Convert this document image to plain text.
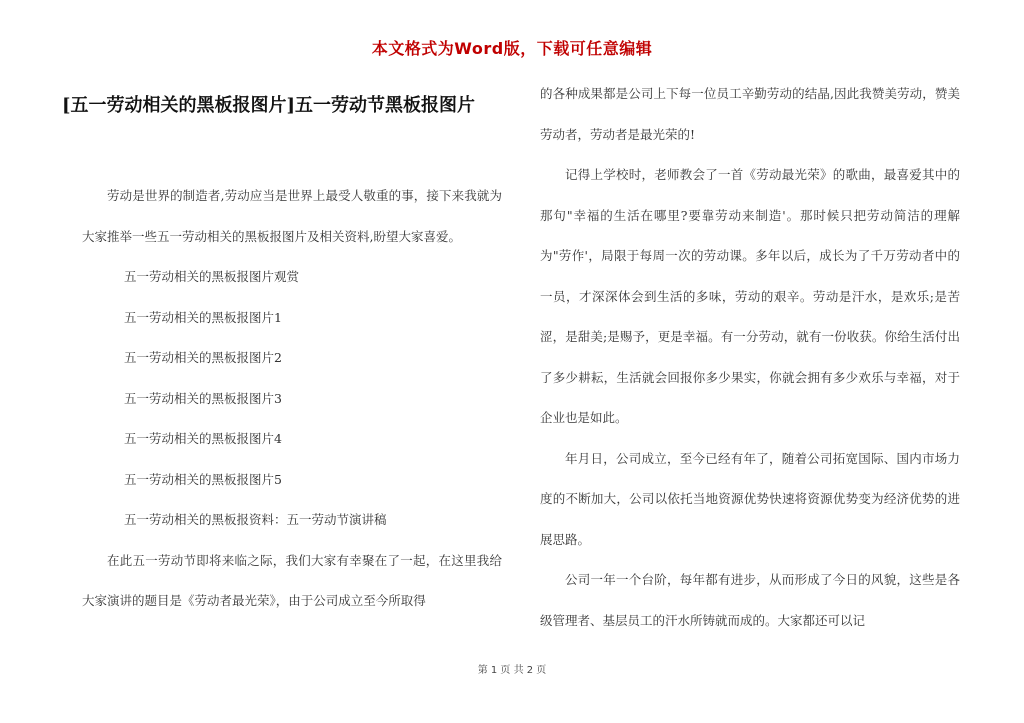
本文格式为Word版，下载可任意编辑
[五一劳动相关的黑板报图片]五一劳动节黑板报图片

劳动是世界的制造者,劳动应当是世界上最受人敬重的事，接下来我就为大家推举一些五一劳动相关的黑板报图片及相关资料,盼望大家喜爱。

五一劳动相关的黑板报图片观赏

五一劳动相关的黑板报图片1

五一劳动相关的黑板报图片2

五一劳动相关的黑板报图片3

五一劳动相关的黑板报图片4

五一劳动相关的黑板报图片5

五一劳动相关的黑板报资料：五一劳动节演讲稿

在此五一劳动节即将来临之际，我们大家有幸聚在了一起，在这里我给大家演讲的题目是《劳动者最光荣》，由于公司成立至今所取得

的各种成果都是公司上下每一位员工辛勤劳动的结晶,因此我赞美劳动，赞美劳动者，劳动者是最光荣的!

记得上学校时，老师教会了一首《劳动最光荣》的歌曲，最喜爱其中的那句"幸福的生活在哪里?要靠劳动来制造'。那时候只把劳动简洁的理解为"劳作'，局限于每周一次的劳动课。多年以后，成长为了千万劳动者中的一员，才深深体会到生活的多味，劳动的艰辛。劳动是汗水，是欢乐;是苦涩，是甜美;是赐予，更是幸福。有一分劳动，就有一份收获。你给生活付出了多少耕耘，生活就会回报你多少果实，你就会拥有多少欢乐与幸福，对于企业也是如此。

年月日，公司成立，至今已经有年了，随着公司拓宽国际、国内市场力度的不断加大，公司以依托当地资源优势快速将资源优势变为经济优势的进展思路。

公司一年一个台阶，每年都有进步，从而形成了今日的风貌，这些是各级管理者、基层员工的汗水所铸就而成的。大家都还可以记

第 1 页 共 2 页
